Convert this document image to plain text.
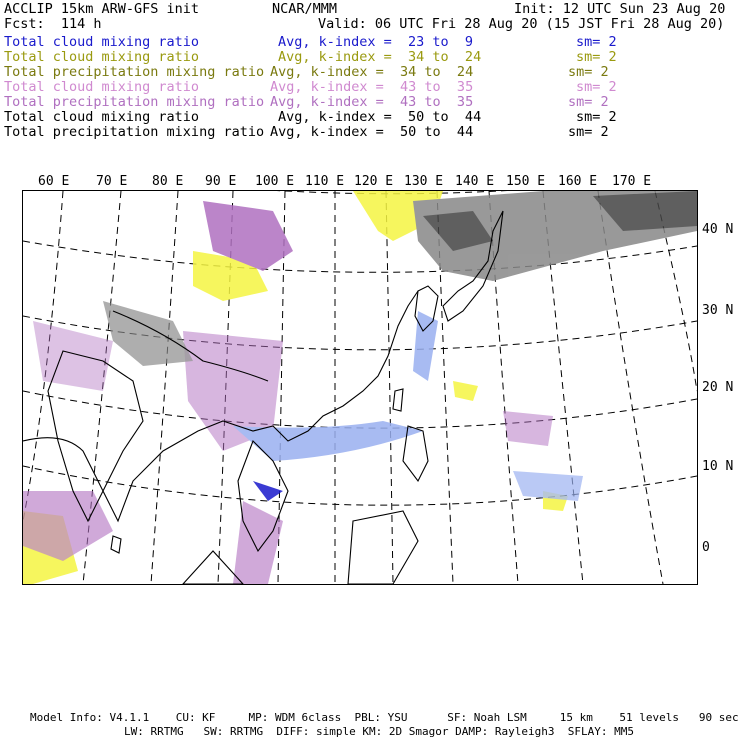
ACCLIP 15km ARW-GFS init	NCAR/MMM	Init: 12 UTC Sun 23 Aug 20
Fcst:  114 h	Valid: 06 UTC Fri 28 Aug 20 (15 JST Fri 28 Aug 20)
Total cloud mixing ratio	Avg, k-index =  23 to  9	sm= 2
Total cloud mixing ratio	Avg, k-index =  34 to  24	sm= 2
Total precipitation mixing ratio Avg, k-index =  34 to  24	sm= 2
Total cloud mixing ratio	Avg, k-index =  43 to  35	sm= 2
Total precipitation mixing ratio Avg, k-index =  43 to  35	sm= 2
Total cloud mixing ratio	Avg, k-index =  50 to  44	sm= 2
Total precipitation mixing ratio Avg, k-index =  50 to  44	sm= 2
60 E 70 E 80 E 90 E 100 E 110 E 120 E 130 E 140 E 150 E 160 E 170 E
40 N
30 N
20 N
10 N
0
Model Info: V4.1.1    CU: KF     MP: WDM 6class  PBL: YSU      SF: Noah LSM     15 km    51 levels   90 sec
LW: RRTMG   SW: RRTMG  DIFF: simple KM: 2D Smagor DAMP: Rayleigh3  SFLAY: MM5
